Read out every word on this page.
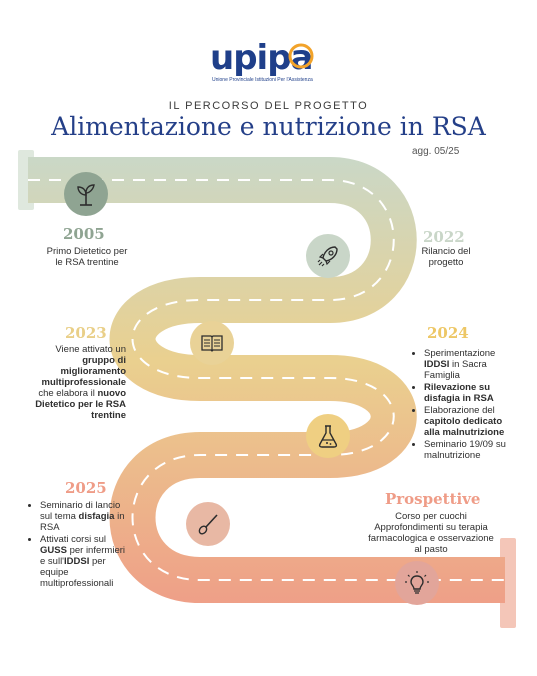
upipa
Unione Provinciale Istituzioni Per l'Assistenza
IL PERCORSO DEL PROGETTO
Alimentazione e nutrizione in RSA
agg. 05/25
2005
Primo Dietetico per le RSA trentine
2022
Rilancio del progetto
2023
Viene attivato un gruppo di miglioramento multiprofessionale che elabora il nuovo Dietetico per le RSA trentine
2024
• Sperimentazione IDDSI in Sacra Famiglia
• Rilevazione su disfagia in RSA
• Elaborazione del capitolo dedicato alla malnutrizione
• Seminario 19/09 su malnutrizione
2025
• Seminario di lancio sul tema disfagia in RSA
• Attivati corsi sul GUSS per infermieri e sull'IDDSI per equipe multiprofessionali
Prospettive
Corso per cuochi Approfondimenti su terapia farmacologica e osservazione al pasto
